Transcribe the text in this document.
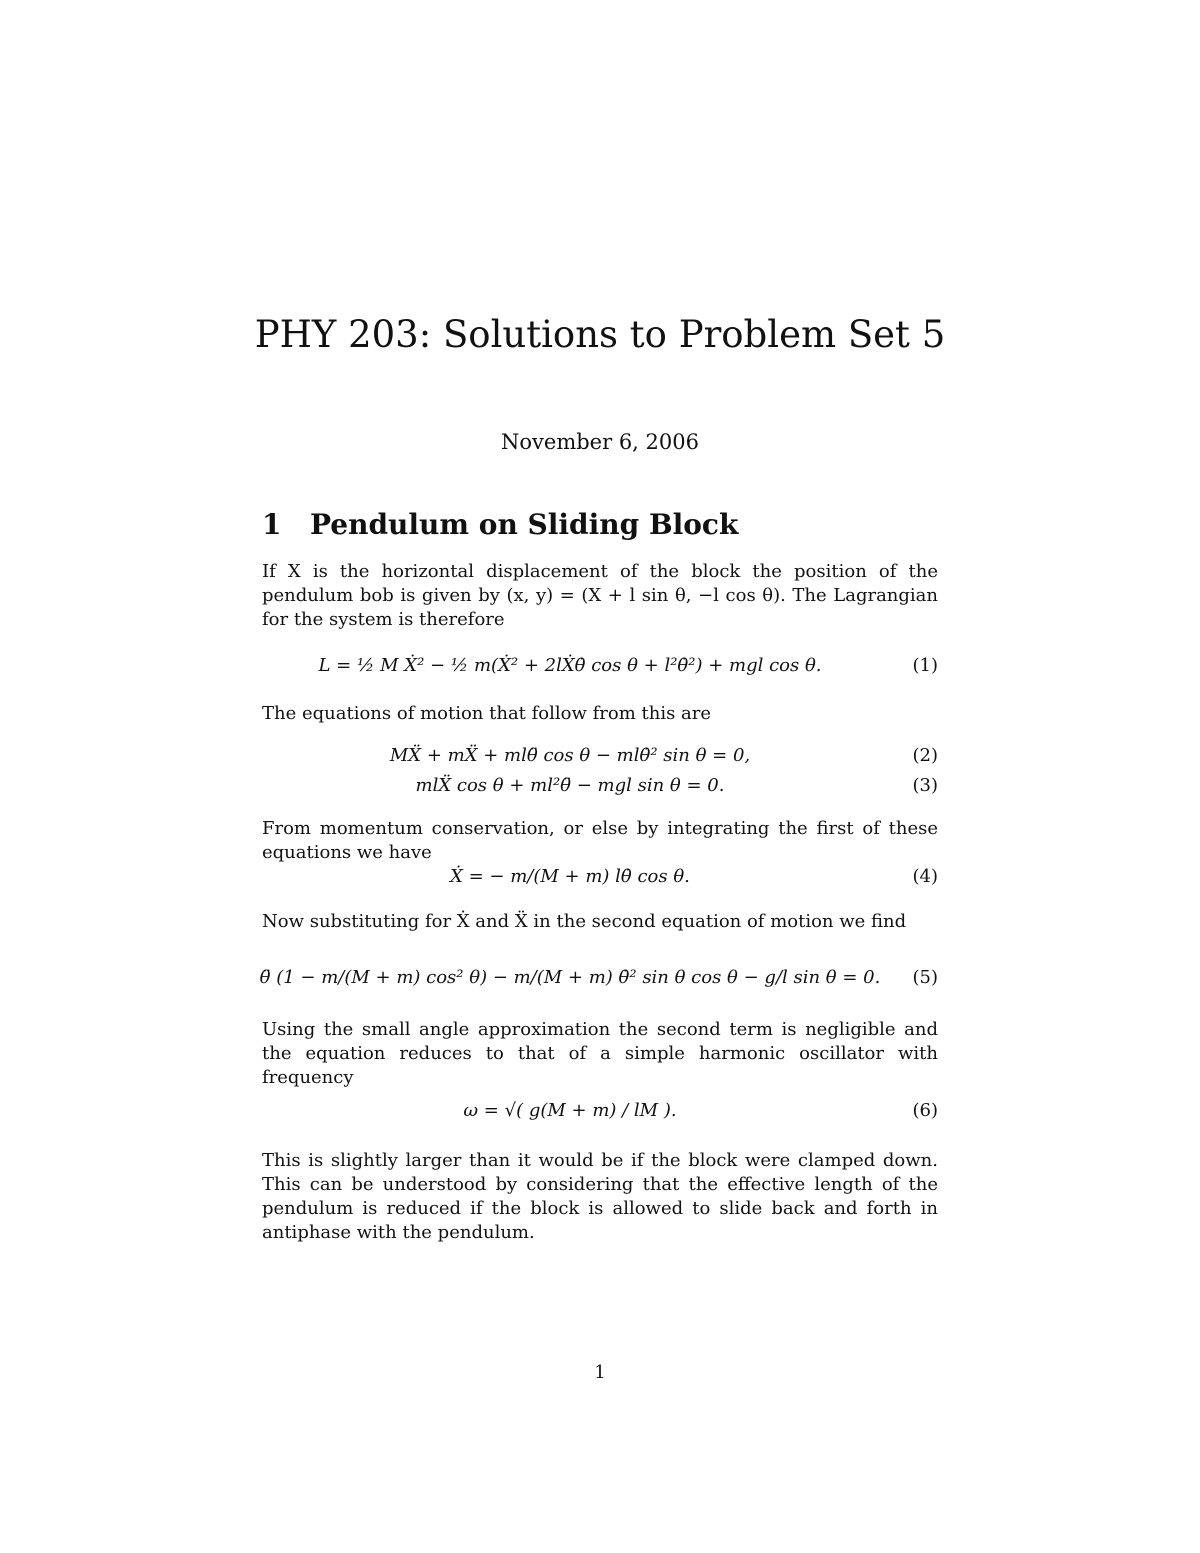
PHY 203: Solutions to Problem Set 5
November 6, 2006
1 Pendulum on Sliding Block
If X is the horizontal displacement of the block the position of the pendulum bob is given by (x, y) = (X + l sin θ, −l cos θ). The Lagrangian for the system is therefore
L = ½ M Ẋ² − ½ m(Ẋ² + 2lẊθ̇ cos θ + l²θ̇²) + mgl cos θ.	(1)
The equations of motion that follow from this are
MẌ + mẌ + mlθ̈ cos θ − mlθ̇² sin θ = 0,	(2)
mlẌ cos θ + ml²θ̈ − mgl sin θ = 0.	(3)
From momentum conservation, or else by integrating the first of these equations we have
Ẋ = − m/(M + m) lθ̇ cos θ.	(4)
Now substituting for Ẋ and Ẍ in the second equation of motion we find
θ̈ (1 − m/(M + m) cos² θ) − m/(M + m) θ̇² sin θ cos θ − g/l sin θ = 0. (5)
Using the small angle approximation the second term is negligible and the equation reduces to that of a simple harmonic oscillator with frequency
ω = √( g(M + m) / lM ).	(6)
This is slightly larger than it would be if the block were clamped down. This can be understood by considering that the effective length of the pendulum is reduced if the block is allowed to slide back and forth in antiphase with the pendulum.
1
